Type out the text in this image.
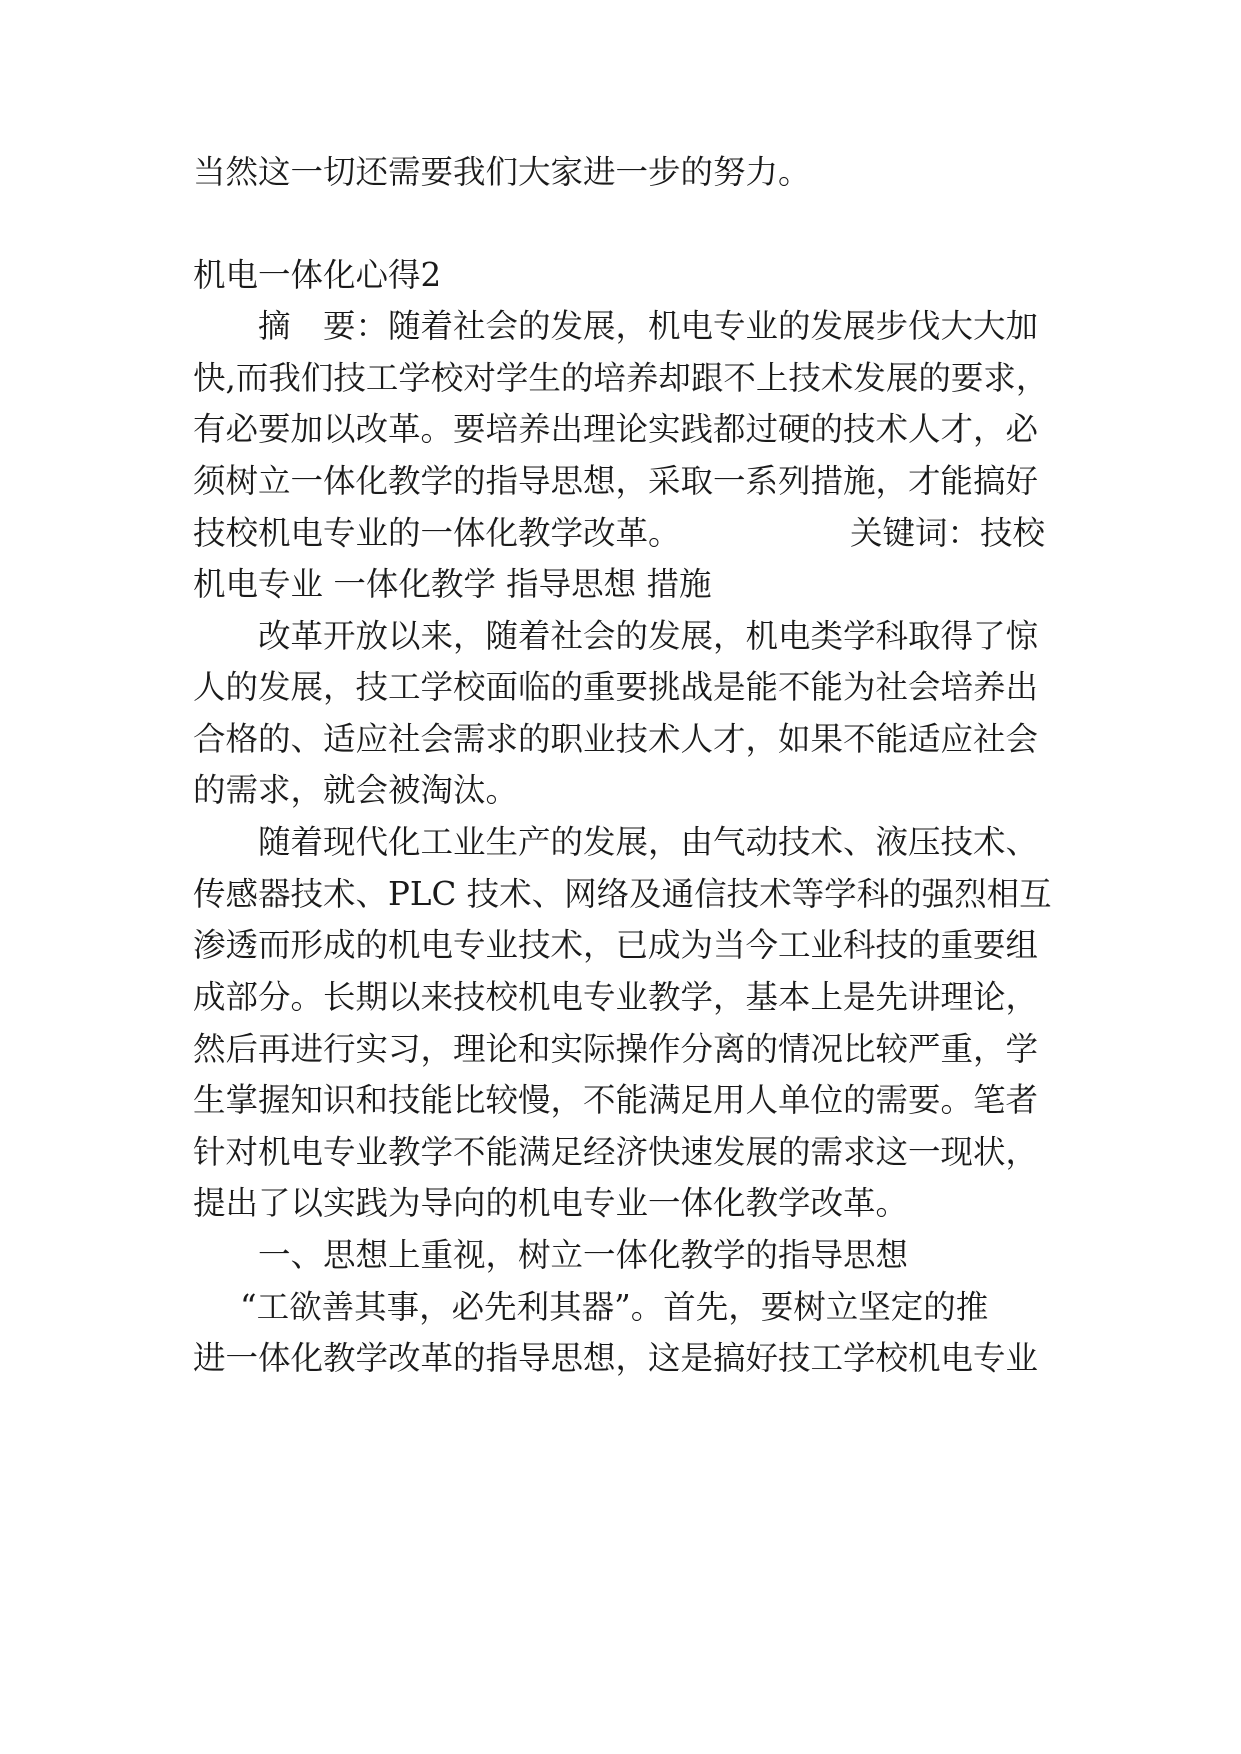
当然这一切还需要我们大家进一步的努力。

机电一体化心得2

摘　要：随着社会的发展，机电专业的发展步伐大大加

快,而我们技工学校对学生的培养却跟不上技术发展的要求，

有必要加以改革。要培养出理论实践都过硬的技术人才，必

须树立一体化教学的指导思想，采取一系列措施，才能搞好

技校机电专业的一体化教学改革。	关键词：技校

机电专业 一体化教学 指导思想 措施

改革开放以来，随着社会的发展，机电类学科取得了惊

人的发展，技工学校面临的重要挑战是能不能为社会培养出

合格的、适应社会需求的职业技术人才，如果不能适应社会

的需求，就会被淘汰。

随着现代化工业生产的发展，由气动技术、液压技术、

传感器技术、PLC 技术、网络及通信技术等学科的强烈相互

渗透而形成的机电专业技术，已成为当今工业科技的重要组

成部分。长期以来技校机电专业教学，基本上是先讲理论，

然后再进行实习，理论和实际操作分离的情况比较严重，学

生掌握知识和技能比较慢，不能满足用人单位的需要。笔者

针对机电专业教学不能满足经济快速发展的需求这一现状，

提出了以实践为导向的机电专业一体化教学改革。

一、思想上重视，树立一体化教学的指导思想

“工欲善其事，必先利其器”。首先，要树立坚定的推

进一体化教学改革的指导思想，这是搞好技工学校机电专业
